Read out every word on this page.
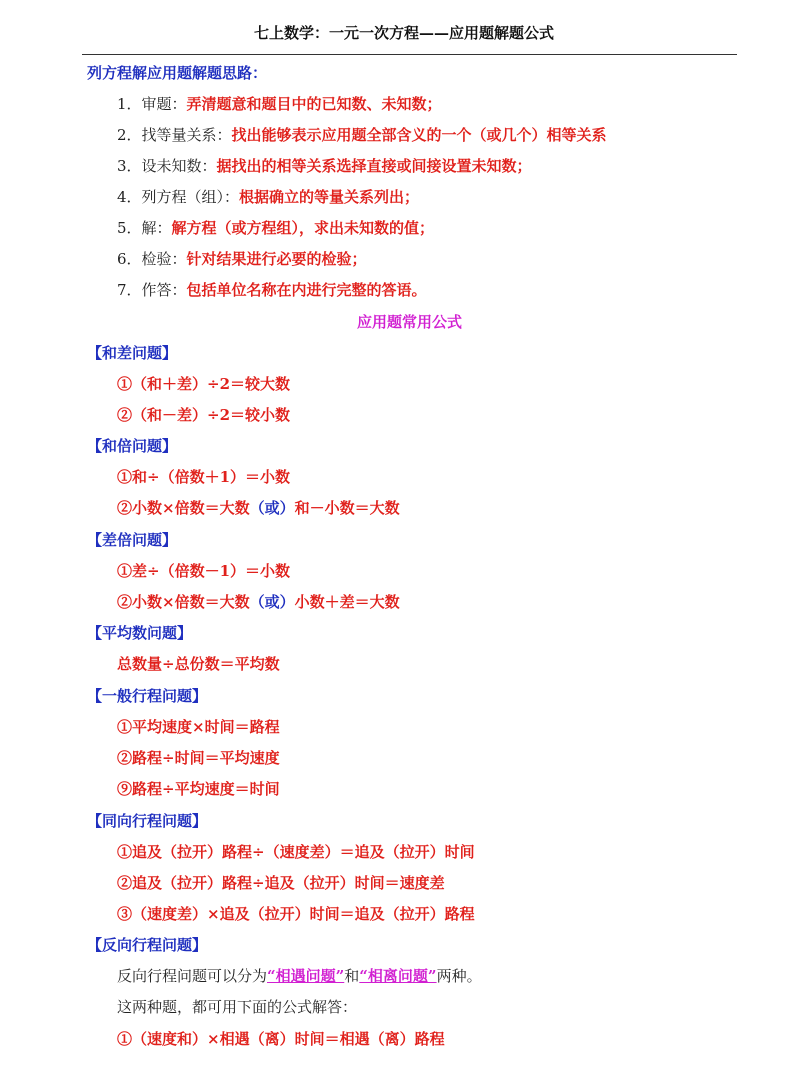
七上数学：一元一次方程——应用题解题公式
列方程解应用题解题思路：
1．审题：弄清题意和题目中的已知数、未知数；
2．找等量关系：找出能够表示应用题全部含义的一个（或几个）相等关系
3．设未知数：据找出的相等关系选择直接或间接设置未知数；
4．列方程（组）：根据确立的等量关系列出；
5．解：解方程（或方程组），求出未知数的值；
6．检验：针对结果进行必要的检验；
7．作答：包括单位名称在内进行完整的答语。
应用题常用公式
【和差问题】
①（和＋差）÷2＝较大数
②（和－差）÷2＝较小数
【和倍问题】
①和÷（倍数＋1）＝小数
②小数×倍数＝大数（或）和－小数＝大数
【差倍问题】
①差÷（倍数－1）＝小数
②小数×倍数＝大数（或）小数＋差＝大数
【平均数问题】
总数量÷总份数＝平均数
【一般行程问题】
①平均速度×时间＝路程
②路程÷时间＝平均速度
⑨路程÷平均速度＝时间
【同向行程问题】
①追及（拉开）路程÷（速度差）＝追及（拉开）时间
②追及（拉开）路程÷追及（拉开）时间＝速度差
③（速度差）×追及（拉开）时间＝追及（拉开）路程
【反向行程问题】
反向行程问题可以分为“相遇问题”和“相离问题”两种。
这两种题，都可用下面的公式解答：
①（速度和）×相遇（离）时间＝相遇（离）路程
